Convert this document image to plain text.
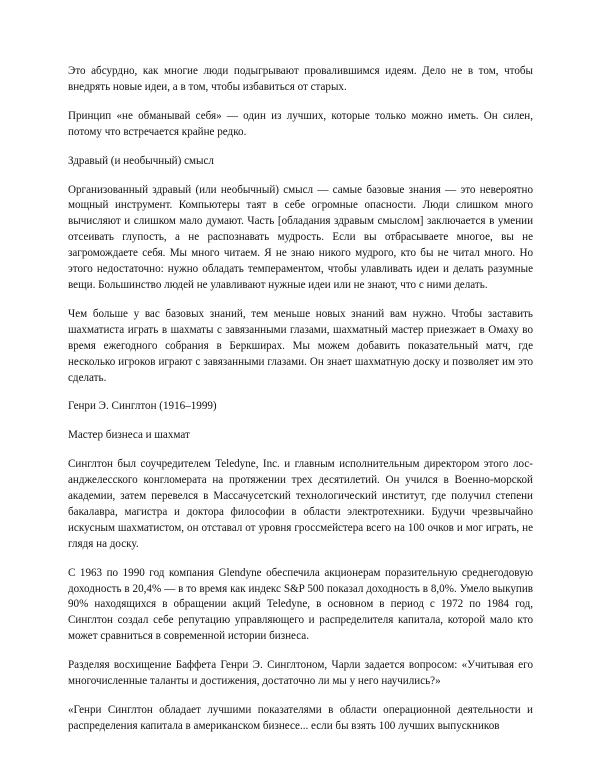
Это абсурдно, как многие люди подыгрывают провалившимся идеям. Дело не в том, чтобы внедрять новые идеи, а в том, чтобы избавиться от старых.

Принцип «не обманывай себя» — один из лучших, которые только можно иметь. Он силен, потому что встречается крайне редко.

Здравый (и необычный) смысл

Организованный здравый (или необычный) смысл — самые базовые знания — это невероятно мощный инструмент. Компьютеры таят в себе огромные опасности. Люди слишком много вычисляют и слишком мало думают. Часть [обладания здравым смыслом] заключается в умении отсеивать глупость, а не распознавать мудрость. Если вы отбрасываете многое, вы не загромождаете себя. Мы много читаем. Я не знаю никого мудрого, кто бы не читал много. Но этого недостаточно: нужно обладать темпераментом, чтобы улавливать идеи и делать разумные вещи. Большинство людей не улавливают нужные идеи или не знают, что с ними делать.

Чем больше у вас базовых знаний, тем меньше новых знаний вам нужно. Чтобы заставить шахматиста играть в шахматы с завязанными глазами, шахматный мастер приезжает в Омаху во время ежегодного собрания в Беркширах. Мы можем добавить показательный матч, где несколько игроков играют с завязанными глазами. Он знает шахматную доску и позволяет им это сделать.

Генри Э. Синглтон (1916–1999)

Мастер бизнеса и шахмат

Синглтон был соучредителем Teledyne, Inc. и главным исполнительным директором этого лос-анджелесского конгломерата на протяжении трех десятилетий. Он учился в Военно-морской академии, затем перевелся в Массачусетский технологический институт, где получил степени бакалавра, магистра и доктора философии в области электротехники. Будучи чрезвычайно искусным шахматистом, он отставал от уровня гроссмейстера всего на 100 очков и мог играть, не глядя на доску.

С 1963 по 1990 год компания Glendyne обеспечила акционерам поразительную среднегодовую доходность в 20,4% — в то время как индекс S&P 500 показал доходность в 8,0%. Умело выкупив 90% находящихся в обращении акций Teledyne, в основном в период с 1972 по 1984 год, Синглтон создал себе репутацию управляющего и распределителя капитала, которой мало кто может сравниться в современной истории бизнеса.

Разделяя восхищение Баффета Генри Э. Синглтоном, Чарли задается вопросом: «Учитывая его многочисленные таланты и достижения, достаточно ли мы у него научились?»

«Генри Синглтон обладает лучшими показателями в области операционной деятельности и распределения капитала в американском бизнесе... если бы взять 100 лучших выпускников
